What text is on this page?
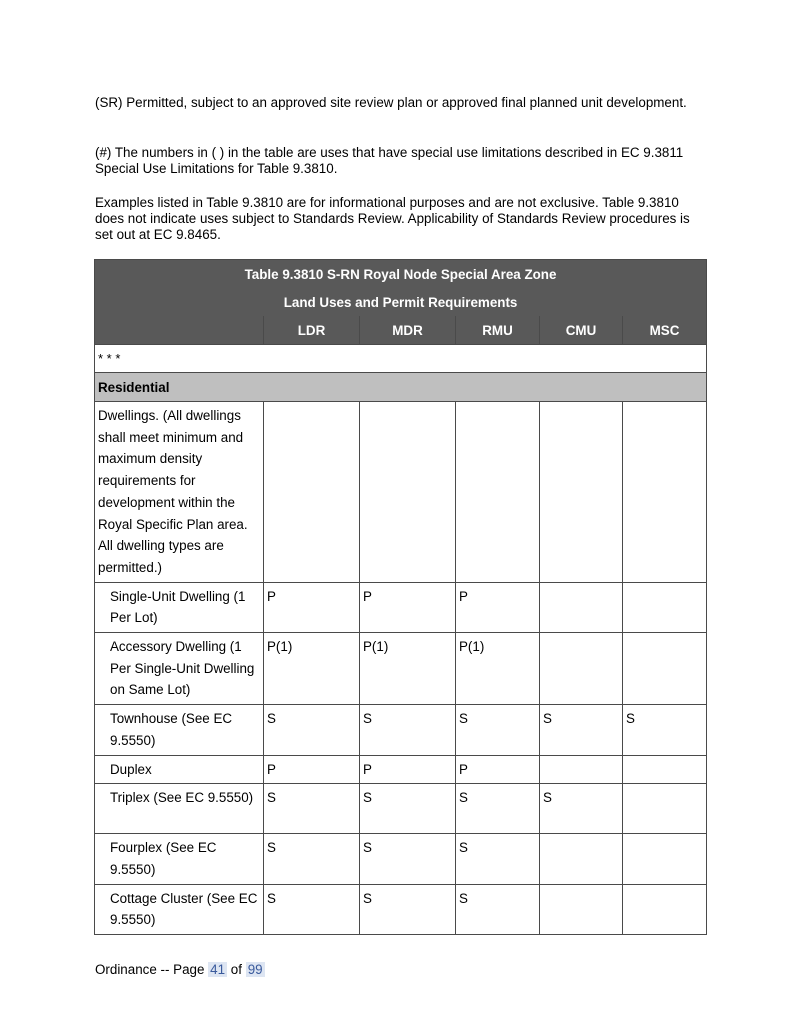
(SR) Permitted, subject to an approved site review plan or approved final planned unit development.

(#) The numbers in ( ) in the table are uses that have special use limitations described in EC 9.3811 Special Use Limitations for Table 9.3810.

Examples listed in Table 9.3810 are for informational purposes and are not exclusive. Table 9.3810 does not indicate uses subject to Standards Review. Applicability of Standards Review procedures is set out at EC 9.8465.

Table 9.3810 S-RN Royal Node Special Area Zone					
Land Uses and Permit Requirements					
	LDR	MDR	RMU	CMU	MSC
* * *					
Residential					
Dwellings. (All dwellings shall meet minimum and maximum density requirements for development within the Royal Specific Plan area. All dwelling types are permitted.)					
Single-Unit Dwelling (1 Per Lot)	P	P	P		
Accessory Dwelling (1 Per Single-Unit Dwelling on Same Lot)	P(1)	P(1)	P(1)		
Townhouse (See EC 9.5550)	S	S	S	S	S
Duplex	P	P	P		
Triplex (See EC 9.5550)	S	S	S	S	
Fourplex (See EC 9.5550)	S	S	S		
Cottage Cluster (See EC 9.5550)	S	S	S		
Ordinance -- Page 41 of 99
